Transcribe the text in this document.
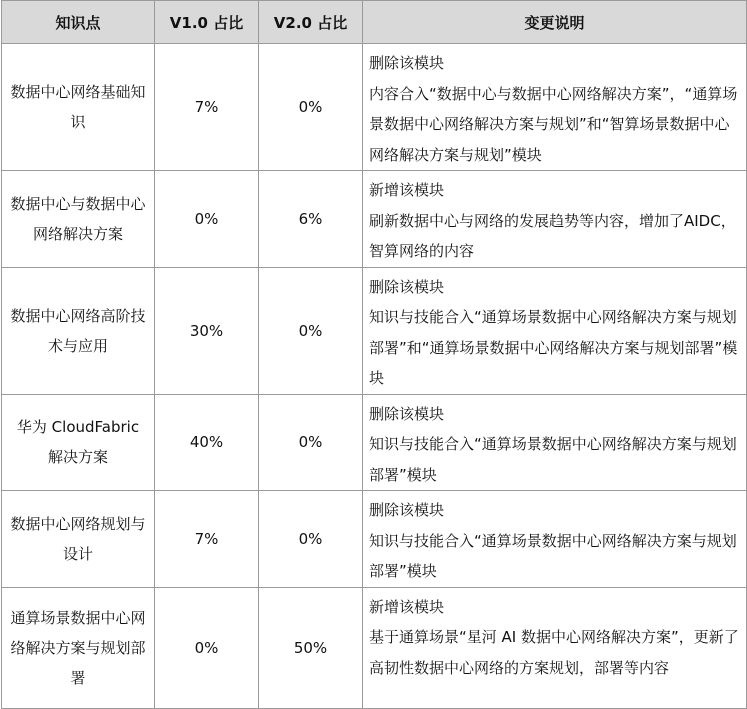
知识点	V1.0 占比	V2.0 占比	变更说明
数据中心网络基础知识	7%	0%	删除该模块
内容合入“数据中心与数据中心网络解决方案”，“通算场景数据中心网络解决方案与规划”和“智算场景数据中心网络解决方案与规划”模块

数据中心与数据中心网络解决方案	0%	6%	新增该模块
刷新数据中心与网络的发展趋势等内容，增加了AIDC，智算网络的内容

数据中心网络高阶技术与应用	30%	0%	删除该模块
知识与技能合入“通算场景数据中心网络解决方案与规划部署”和“通算场景数据中心网络解决方案与规划部署”模块

华为 CloudFabric 解决方案	40%	0%	删除该模块
知识与技能合入“通算场景数据中心网络解决方案与规划部署”模块

数据中心网络规划与设计	7%	0%	删除该模块
知识与技能合入“通算场景数据中心网络解决方案与规划部署”模块

通算场景数据中心网络解决方案与规划部署	0%	50%	新增该模块
基于通算场景“星河 AI 数据中心网络解决方案”，更新了高韧性数据中心网络的方案规划，部署等内容
